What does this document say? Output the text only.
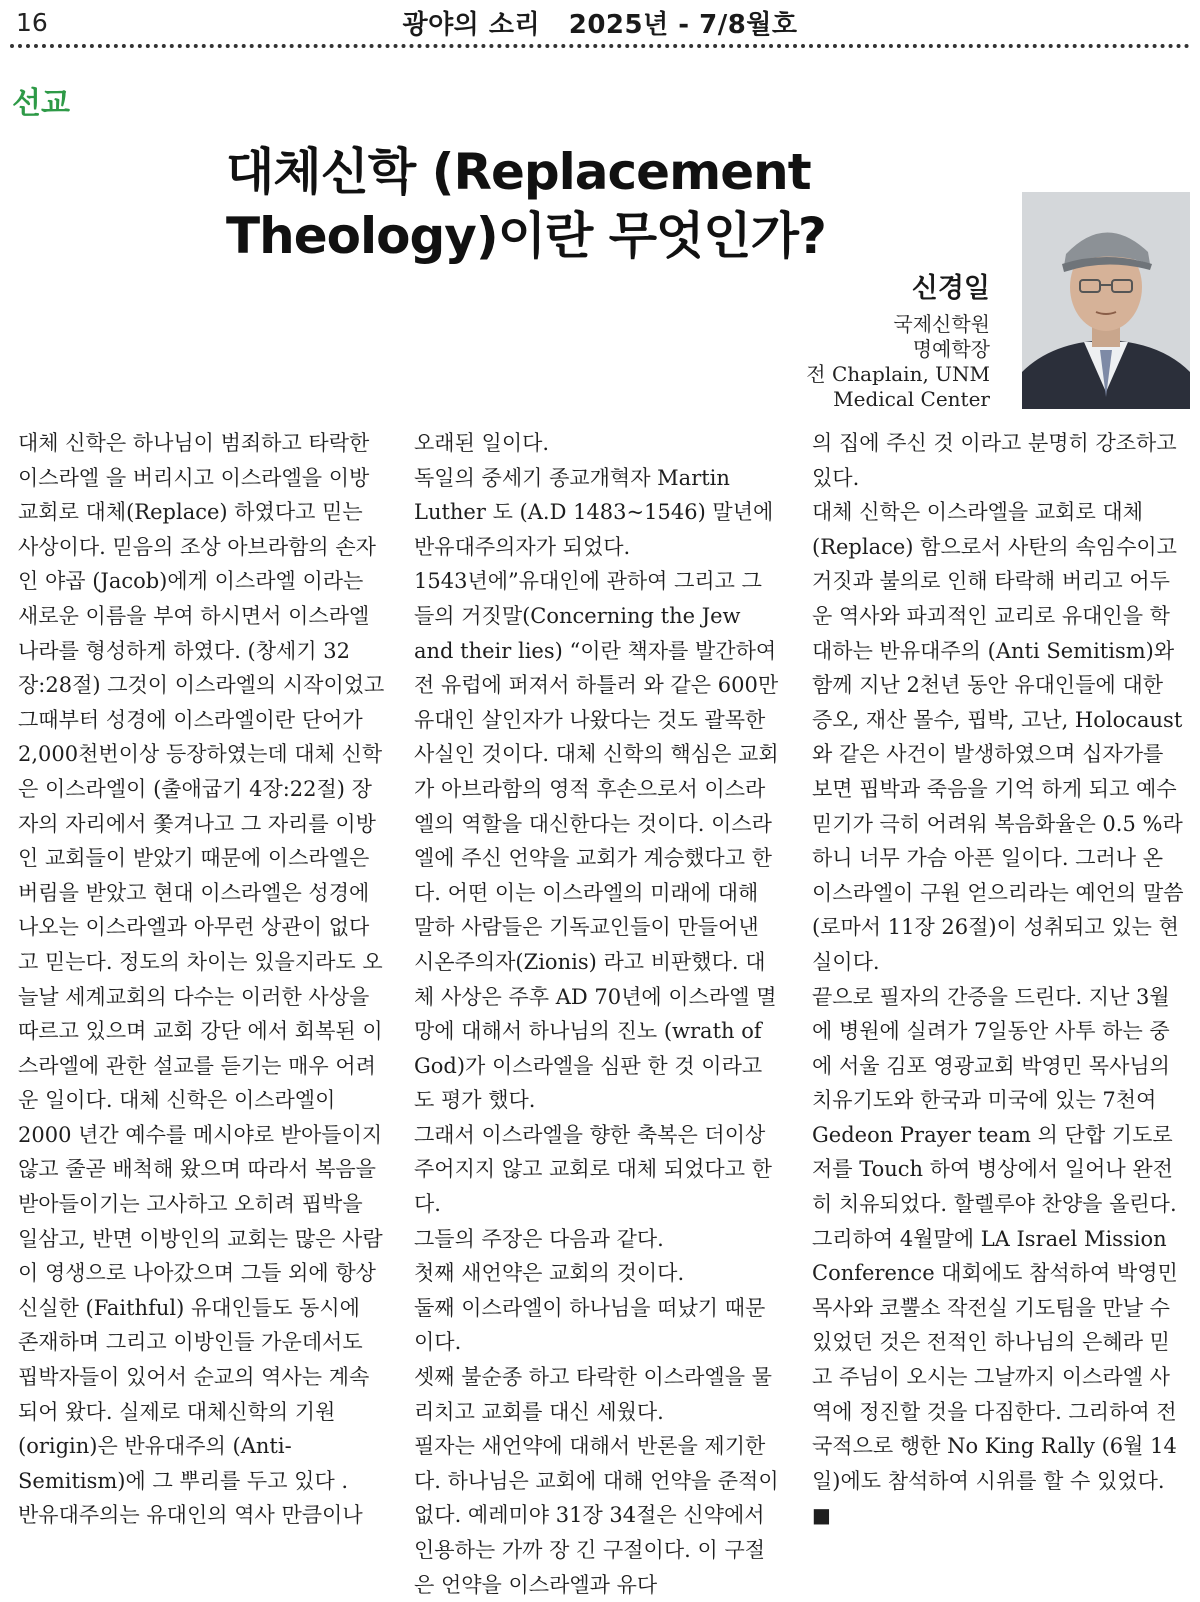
16	광야의 소리   2025년 - 7/8월호
선교
대체신학 (Replacement
Theology)이란 무엇인가?
신경일
국제신학원
명예학장
전 Chaplain, UNM
Medical Center

대체 신학은 하나님이 범죄하고 타락한 이스라엘 을 버리시고 이스라엘을 이방 교회로 대체(Replace) 하였다고 믿는 사상이다. 믿음의 조상 아브라함의 손자인 야곱 (Jacob)에게 이스라엘 이라는 새로운 이름을 부여 하시면서 이스라엘 나라를 형성하게 하였다. (창세기 32장:28절) 그것이 이스라엘의 시작이었고 그때부터 성경에 이스라엘이란 단어가 2,000천번이상 등장하였는데 대체 신학은 이스라엘이 (출애굽기 4장:22절) 장자의 자리에서 쫓겨나고 그 자리를 이방인 교회들이 받았기 때문에 이스라엘은 버림을 받았고 현대 이스라엘은 성경에 나오는 이스라엘과 아무런 상관이 없다고 믿는다. 정도의 차이는 있을지라도 오늘날 세계교회의 다수는 이러한 사상을 따르고 있으며 교회 강단 에서 회복된 이스라엘에 관한 설교를 듣기는 매우 어려운 일이다. 대체 신학은 이스라엘이 2000 년간 예수를 메시야로 받아들이지 않고 줄곧 배척해 왔으며 따라서 복음을 받아들이기는 고사하고 오히려 핍박을 일삼고, 반면 이방인의 교회는 많은 사람이 영생으로 나아갔으며 그들 외에 항상 신실한 (Faithful) 유대인들도 동시에 존재하며 그리고 이방인들 가운데서도 핍박자들이 있어서 순교의 역사는 계속되어 왔다. 실제로 대체신학의 기원 (origin)은 반유대주의 (Anti-Semitism)에 그 뿌리를 두고 있다 .

반유대주의는 유대인의 역사 만큼이나

오래된 일이다.

독일의 중세기 종교개혁자 Martin Luther 도 (A.D 1483~1546) 말년에 반유대주의자가 되었다.

1543년에”유대인에 관하여 그리고 그들의 거짓말(Concerning the Jew and their lies) “이란 책자를 발간하여 전 유럽에 퍼져서 하틀러 와 같은 600만 유대인 살인자가 나왔다는 것도 괄목한 사실인 것이다. 대체 신학의 핵심은 교회가 아브라함의 영적 후손으로서 이스라엘의 역할을 대신한다는 것이다. 이스라엘에 주신 언약을 교회가 계승했다고 한다. 어떤 이는 이스라엘의 미래에 대해 말하 사람들은 기독교인들이 만들어낸 시온주의자(Zionis) 라고 비판했다. 대체 사상은 주후 AD 70년에 이스라엘 멸망에 대해서 하나님의 진노 (wrath of God)가 이스라엘을 심판 한 것 이라고도 평가 했다.

그래서 이스라엘을 향한 축복은 더이상 주어지지 않고 교회로 대체 되었다고 한다.

그들의 주장은 다음과 같다.

첫째 새언약은 교회의 것이다.

둘째 이스라엘이 하나님을 떠났기 때문이다.

셋째 불순종 하고 타락한 이스라엘을 물리치고 교회를 대신 세웠다.

필자는 새언약에 대해서 반론을 제기한다. 하나님은 교회에 대해 언약을 준적이 없다. 예레미야 31장 34절은 신약에서 인용하는 가까 장 긴 구절이다. 이 구절은 언약을 이스라엘과 유다

의 집에 주신 것 이라고 분명히 강조하고 있다.

대체 신학은 이스라엘을 교회로 대체 (Replace) 함으로서 사탄의 속임수이고 거짓과 불의로 인해 타락해 버리고 어두운 역사와 파괴적인 교리로 유대인을 학대하는 반유대주의 (Anti Semitism)와 함께 지난 2천년 동안 유대인들에 대한 증오, 재산 몰수, 핍박, 고난, Holocaust와 같은 사건이 발생하였으며 십자가를 보면 핍박과 죽음을 기억 하게 되고 예수 믿기가 극히 어려워 복음화율은 0.5 %라 하니 너무 가슴 아픈 일이다. 그러나 온 이스라엘이 구원 얻으리라는 예언의 말씀 (로마서 11장 26절)이 성취되고 있는 현실이다.

끝으로 필자의 간증을 드린다. 지난 3월에 병원에 실려가 7일동안 사투 하는 중에 서울 김포 영광교회 박영민 목사님의 치유기도와 한국과 미국에 있는 7천여 Gedeon Prayer team 의 단합 기도로 저를 Touch 하여 병상에서 일어나 완전히 치유되었다. 할렐루야 찬양을 올린다. 그리하여 4월말에 LA Israel Mission Conference 대회에도 참석하여 박영민 목사와 코뿔소 작전실 기도팀을 만날 수 있었던 것은 전적인 하나님의 은혜라 믿고 주님이 오시는 그날까지 이스라엘 사역에 정진할 것을 다짐한다. 그리하여 전국적으로 행한 No King Rally (6월 14일)에도 참석하여 시위를 할 수 있었다.

■
